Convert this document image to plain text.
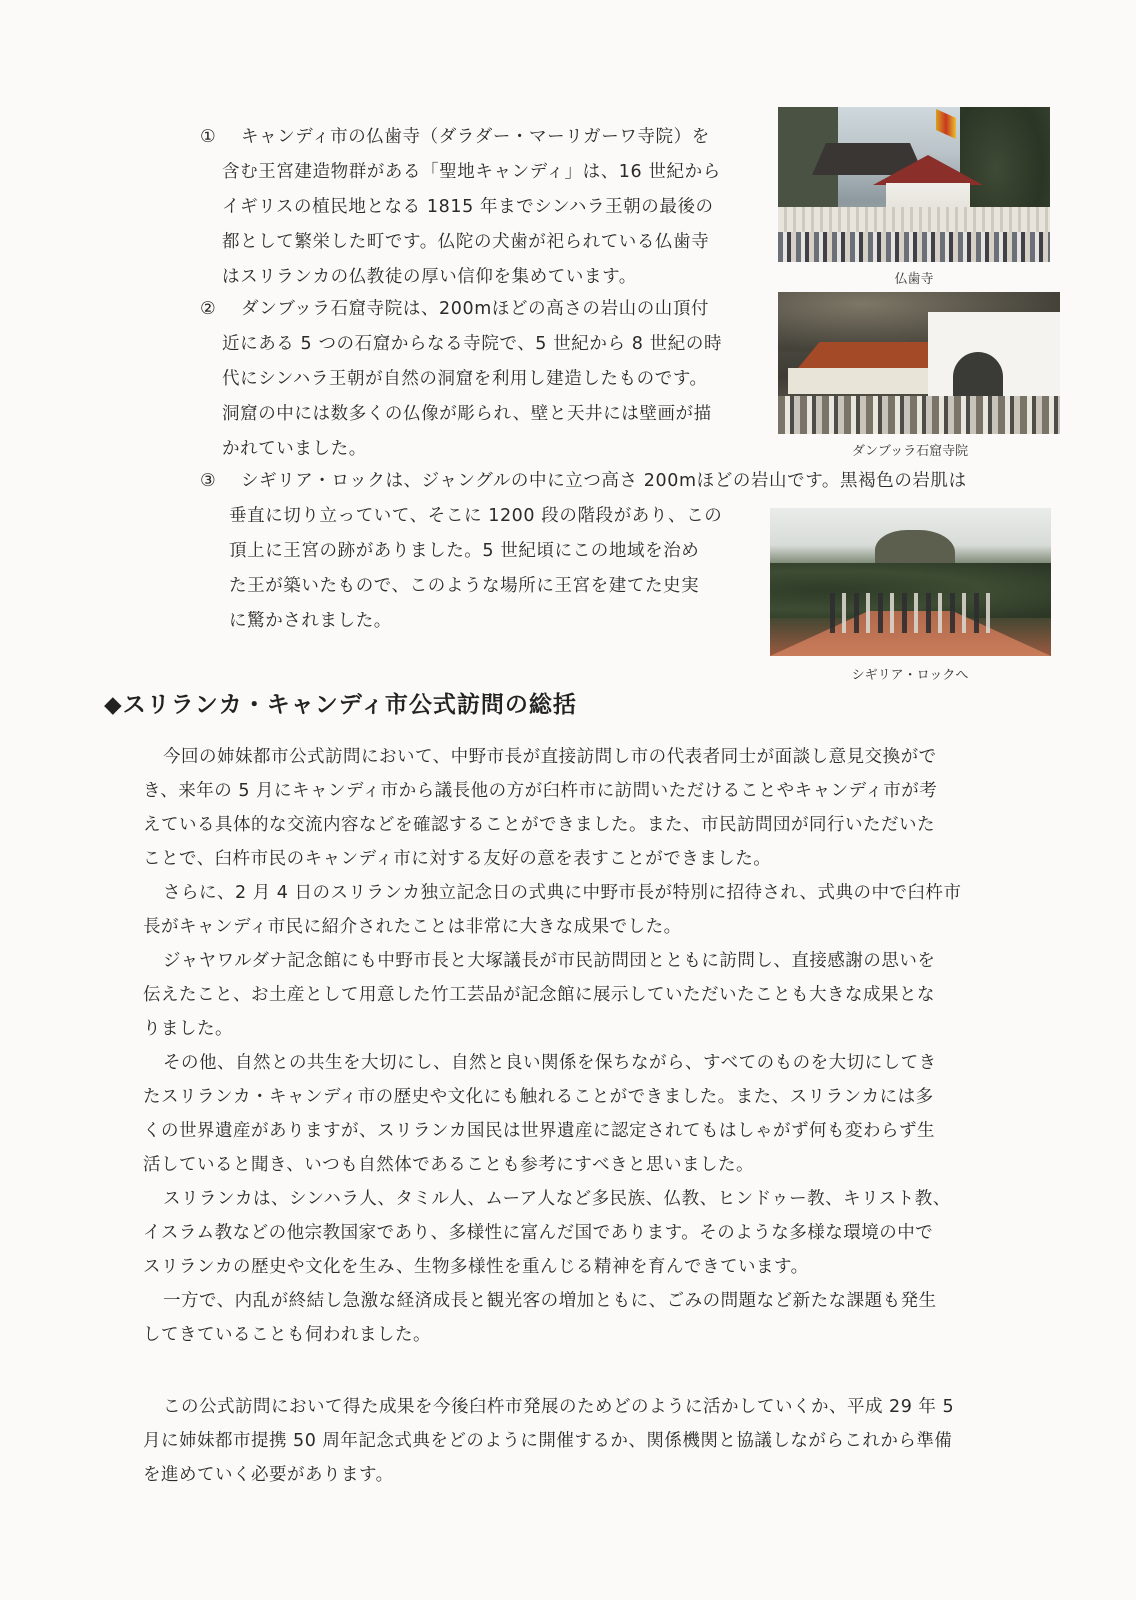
① キャンディ市の仏歯寺（ダラダー・マーリガーワ寺院）を
含む王宮建造物群がある「聖地キャンディ」は、16 世紀から
イギリスの植民地となる 1815 年までシンハラ王朝の最後の
都として繁栄した町です。仏陀の犬歯が祀られている仏歯寺
はスリランカの仏教徒の厚い信仰を集めています。	仏歯寺
② ダンブッラ石窟寺院は、200mほどの高さの岩山の山頂付
近にある 5 つの石窟からなる寺院で、5 世紀から 8 世紀の時
代にシンハラ王朝が自然の洞窟を利用し建造したものです。
洞窟の中には数多くの仏像が彫られ、壁と天井には壁画が描
かれていました。	ダンブッラ石窟寺院
③ シギリア・ロックは、ジャングルの中に立つ高さ 200mほどの岩山です。黒褐色の岩肌は
垂直に切り立っていて、そこに 1200 段の階段があり、この
頂上に王宮の跡がありました。5 世紀頃にこの地域を治め
た王が築いたもので、このような場所に王宮を建てた史実
に驚かされました。
シギリア・ロックへ
◆スリランカ・キャンディ市公式訪問の総括
今回の姉妹都市公式訪問において、中野市長が直接訪問し市の代表者同士が面談し意見交換がで
き、来年の 5 月にキャンディ市から議長他の方が臼杵市に訪問いただけることやキャンディ市が考
えている具体的な交流内容などを確認することができました。また、市民訪問団が同行いただいた
ことで、臼杵市民のキャンディ市に対する友好の意を表すことができました。
さらに、2 月 4 日のスリランカ独立記念日の式典に中野市長が特別に招待され、式典の中で臼杵市
長がキャンディ市民に紹介されたことは非常に大きな成果でした。
ジャヤワルダナ記念館にも中野市長と大塚議長が市民訪問団とともに訪問し、直接感謝の思いを
伝えたこと、お土産として用意した竹工芸品が記念館に展示していただいたことも大きな成果とな
りました。
その他、自然との共生を大切にし、自然と良い関係を保ちながら、すべてのものを大切にしてき
たスリランカ・キャンディ市の歴史や文化にも触れることができました。また、スリランカには多
くの世界遺産がありますが、スリランカ国民は世界遺産に認定されてもはしゃがず何も変わらず生
活していると聞き、いつも自然体であることも参考にすべきと思いました。
スリランカは、シンハラ人、タミル人、ムーア人など多民族、仏教、ヒンドゥー教、キリスト教、
イスラム教などの他宗教国家であり、多様性に富んだ国であります。そのような多様な環境の中で
スリランカの歴史や文化を生み、生物多様性を重んじる精神を育んできています。
一方で、内乱が終結し急激な経済成長と観光客の増加ともに、ごみの問題など新たな課題も発生
してきていることも伺われました。
この公式訪問において得た成果を今後臼杵市発展のためどのように活かしていくか、平成 29 年 5
月に姉妹都市提携 50 周年記念式典をどのように開催するか、関係機関と協議しながらこれから準備
を進めていく必要があります。
